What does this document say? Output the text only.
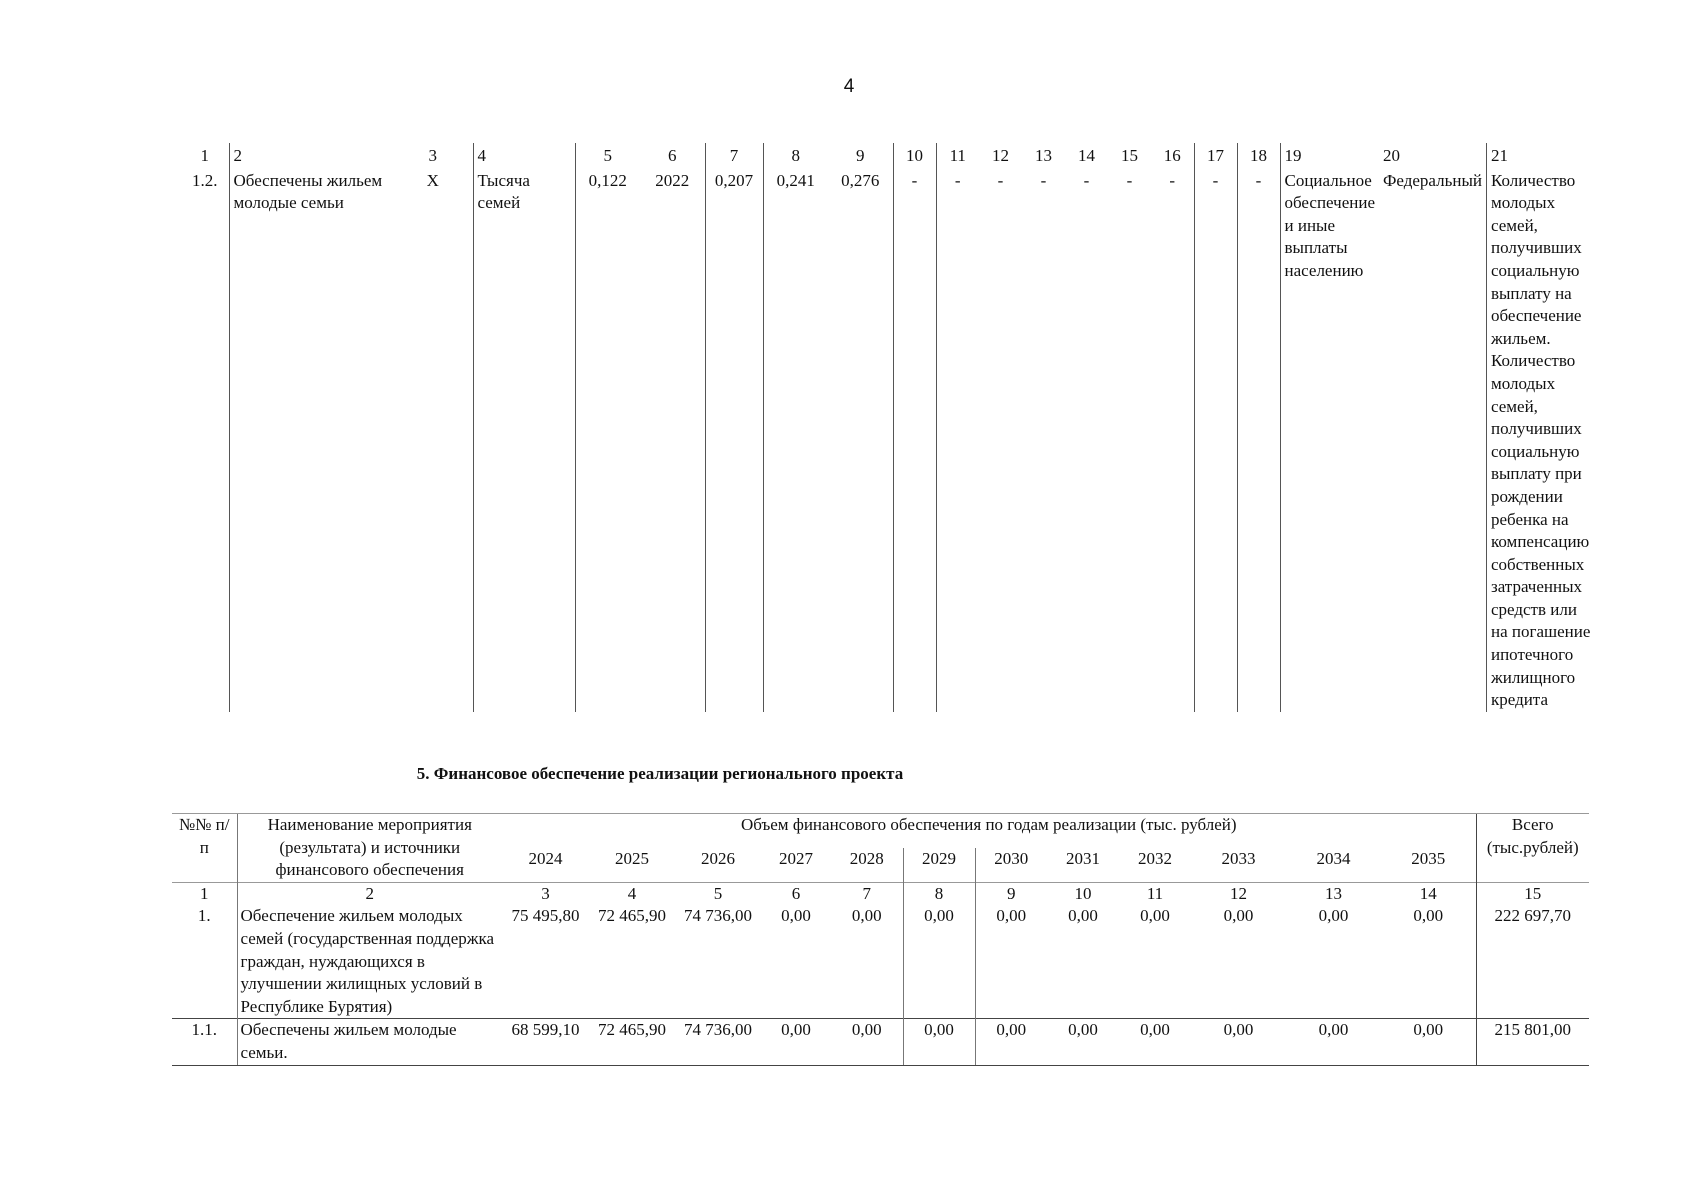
4
1	2	3	4	5	6	7	8	9	10	11	12	13	14	15	16	17	18	19	20	21
1.2.	Обеспечены жильем молодые семьи	Х	Тысяча семей	0,122	2022	0,207	0,241	0,276	-	-	-	-	-	-	-	-	-	Социальное обеспечение и иные выплаты населению	Федеральный	Количество молодых семей, получивших социальную выплату на обеспечение жильем. Количество молодых семей, получивших социальную выплату при рождении ребенка на компенсацию собственных затраченных средств или на погашение ипотечного жилищного кредита
5. Финансовое обеспечение реализации регионального проекта
№№ п/п	Наименование мероприятия (результата) и источники финансового обеспечения	Объем финансового обеспечения по годам реализации (тыс. рублей)												Всего (тыс.рублей)
		2024	2025	2026	2027	2028	2029	2030	2031	2032	2033	2034	2035	
1	2	3	4	5	6	7	8	9	10	11	12	13	14	15
1.	Обеспечение жильем молодых семей (государственная поддержка граждан, нуждающихся в улучшении жилищных условий в Республике Бурятия)	75 495,80	72 465,90	74 736,00	0,00	0,00	0,00	0,00	0,00	0,00	0,00	0,00	0,00	222 697,70
1.1.	Обеспечены жильем молодые семьи.	68 599,10	72 465,90	74 736,00	0,00	0,00	0,00	0,00	0,00	0,00	0,00	0,00	0,00	215 801,00
